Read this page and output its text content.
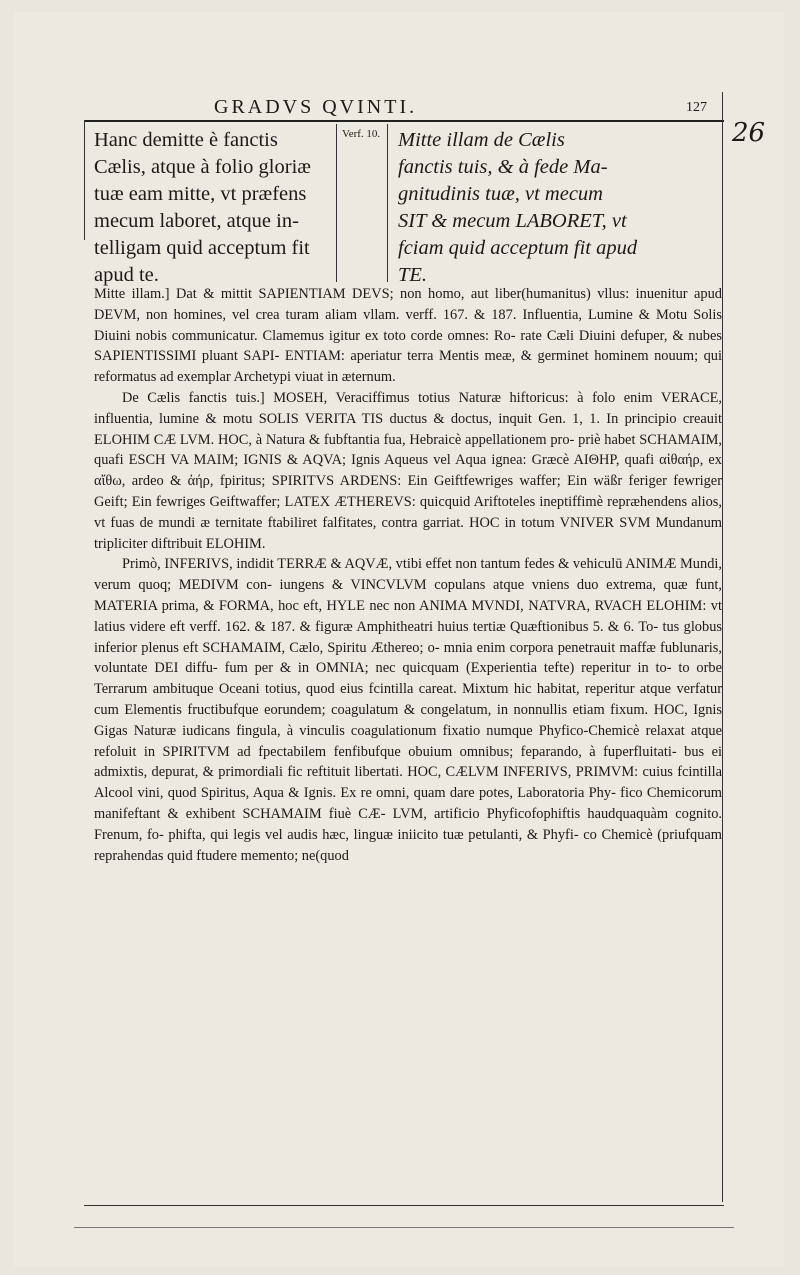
GRADVS QVINTI.	127
26
Hanc demitte è fanctis
Cælis, atque à folio gloriæ
tuæ eam mitte, vt præfens
mecum laboret, atque in-
telligam quid acceptum fit
apud te.
Verf. 10. Mitte illam de Cælis
fanctis tuis, & à fede Ma-
gnitudinis tuæ, vt mecum
SIT & mecum LABORET, vt
fciam quid acceptum fit apud
TE.

Mitte illam.] Dat & mittit SAPIENTIAM DEVS; non homo, aut liber(humanitus) vllus: inuenitur apud DEVM, non homines, vel crea turam aliam vllam. verff. 167. & 187. Influentia, Lumine & Motu Solis Diuini nobis communicatur. Clamemus igitur ex toto corde omnes: Ro- rate Cæli Diuini defuper, & nubes SAPIENTISSIMI pluant SAPI- ENTIAM: aperiatur terra Mentis meæ, & germinet hominem nouum; qui reformatus ad exemplar Archetypi viuat in æternum.

De Cælis fanctis tuis.] MOSEH, Veraciffimus totius Naturæ hiftoricus: à folo enim VERACE, influentia, lumine & motu SOLIS VERITA TIS ductus & doctus, inquit Gen. 1, 1. In principio creauit ELOHIM CÆ LVM. HOC, à Natura & fubftantia fua, Hebraicè appellationem pro- priè habet SCHAMAIM, quafi ESCH VA MAIM; IGNIS & AQVA; Ignis Aqueus vel Aqua ignea: Græcè AIΘHP, quafi αἰθαήρ, ex αἴθω, ardeo & ἀήρ, fpiritus; SPIRITVS ARDENS: Ein Geiftfewriges waffer; Ein wäßr feriger fewriger Geift; Ein fewriges Geiftwaffer; LATEX ÆTHEREVS: quicquid Ariftoteles ineptiffimè repræhendens alios, vt fuas de mundi æ ternitate ftabiliret falfitates, contra garriat. HOC in totum VNIVER SVM Mundanum tripliciter diftribuit ELOHIM.

Primò, INFERIVS, indidit TERRÆ & AQVÆ, vtibi effet non tantum fedes & vehiculū ANIMÆ Mundi, verum quoq; MEDIVM con- iungens & VINCVLVM copulans atque vniens duo extrema, quæ funt, MATERIA prima, & FORMA, hoc eft, HYLE nec non ANIMA MVNDI, NATVRA, RVACH ELOHIM: vt latius videre eft verff. 162. & 187. & figuræ Amphitheatri huius tertiæ Quæftionibus 5. & 6. To- tus globus inferior plenus eft SCHAMAIM, Cælo, Spiritu Æthereo; o- mnia enim corpora penetrauit maffæ fublunaris, voluntate DEI diffu- fum per & in OMNIA; nec quicquam (Experientia tefte) reperitur in to- to orbe Terrarum ambituque Oceani totius, quod eius fcintilla careat. Mixtum hic habitat, reperitur atque verfatur cum Elementis fructibufque eorundem; coagulatum & congelatum, in nonnullis etiam fixum. HOC, Ignis Gigas Naturæ iudicans fingula, à vinculis coagulationum fixatio numque Phyfico-Chemicè relaxat atque refoluit in SPIRITVM ad fpectabilem fenfibufque obuium omnibus; feparando, à fuperfluitati- bus ei admixtis, depurat, & primordiali fic reftituit libertati. HOC, CÆLVM INFERIVS, PRIMVM: cuius fcintilla Alcool vini, quod Spiritus, Aqua & Ignis. Ex re omni, quam dare potes, Laboratoria Phy- fico Chemicorum manifeftant & exhibent SCHAMAIM fiuè CÆ- LVM, artificio Phyficofophiftis haudquaquàm cognito. Frenum, fo- phifta, qui legis vel audis hæc, linguæ iniicito tuæ petulanti, & Phyfi- co Chemicè (priufquam reprahendas quid ftudere memento; ne(quod
